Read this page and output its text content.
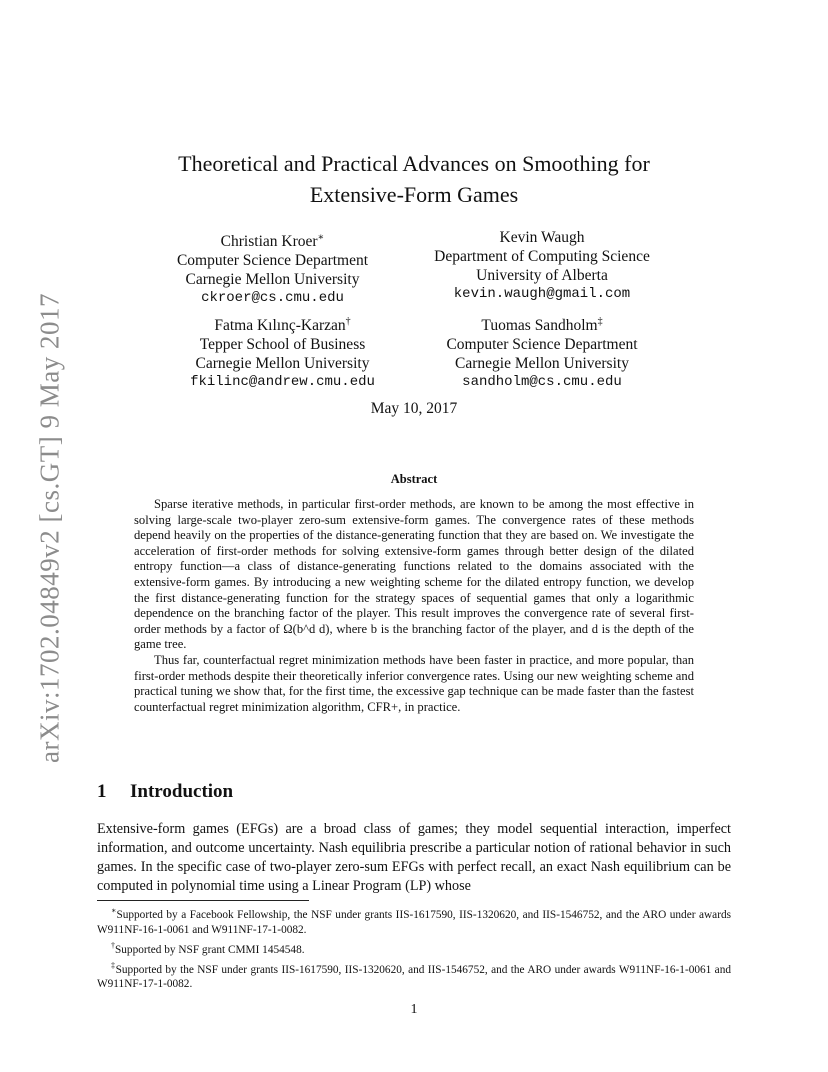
arXiv:1702.04849v2 [cs.GT] 9 May 2017
Theoretical and Practical Advances on Smoothing for
Extensive-Form Games
Christian Kroer∗
Computer Science Department
Carnegie Mellon University
ckroer@cs.cmu.edu
Kevin Waugh
Department of Computing Science
University of Alberta
kevin.waugh@gmail.com
Fatma Kılınç-Karzan†
Tepper School of Business
Carnegie Mellon University
fkilinc@andrew.cmu.edu
Tuomas Sandholm‡
Computer Science Department
Carnegie Mellon University
sandholm@cs.cmu.edu
May 10, 2017
Abstract

Sparse iterative methods, in particular first-order methods, are known to be among the most effective in solving large-scale two-player zero-sum extensive-form games. The convergence rates of these methods depend heavily on the properties of the distance-generating function that they are based on. We investigate the acceleration of first-order methods for solving extensive-form games through better design of the dilated entropy function—a class of distance-generating functions related to the domains associated with the extensive-form games. By introducing a new weighting scheme for the dilated entropy function, we develop the first distance-generating function for the strategy spaces of sequential games that only a logarithmic dependence on the branching factor of the player. This result improves the convergence rate of several first-order methods by a factor of Ω(b^d d), where b is the branching factor of the player, and d is the depth of the game tree.

Thus far, counterfactual regret minimization methods have been faster in practice, and more popular, than first-order methods despite their theoretically inferior convergence rates. Using our new weighting scheme and practical tuning we show that, for the first time, the excessive gap technique can be made faster than the fastest counterfactual regret minimization algorithm, CFR+, in practice.

1 Introduction

Extensive-form games (EFGs) are a broad class of games; they model sequential interaction, imperfect information, and outcome uncertainty. Nash equilibria prescribe a particular notion of rational behavior in such games. In the specific case of two-player zero-sum EFGs with perfect recall, an exact Nash equilibrium can be computed in polynomial time using a Linear Program (LP) whose

∗Supported by a Facebook Fellowship, the NSF under grants IIS-1617590, IIS-1320620, and IIS-1546752, and the ARO under awards W911NF-16-1-0061 and W911NF-17-1-0082.

†Supported by NSF grant CMMI 1454548.

‡Supported by the NSF under grants IIS-1617590, IIS-1320620, and IIS-1546752, and the ARO under awards W911NF-16-1-0061 and W911NF-17-1-0082.

1
